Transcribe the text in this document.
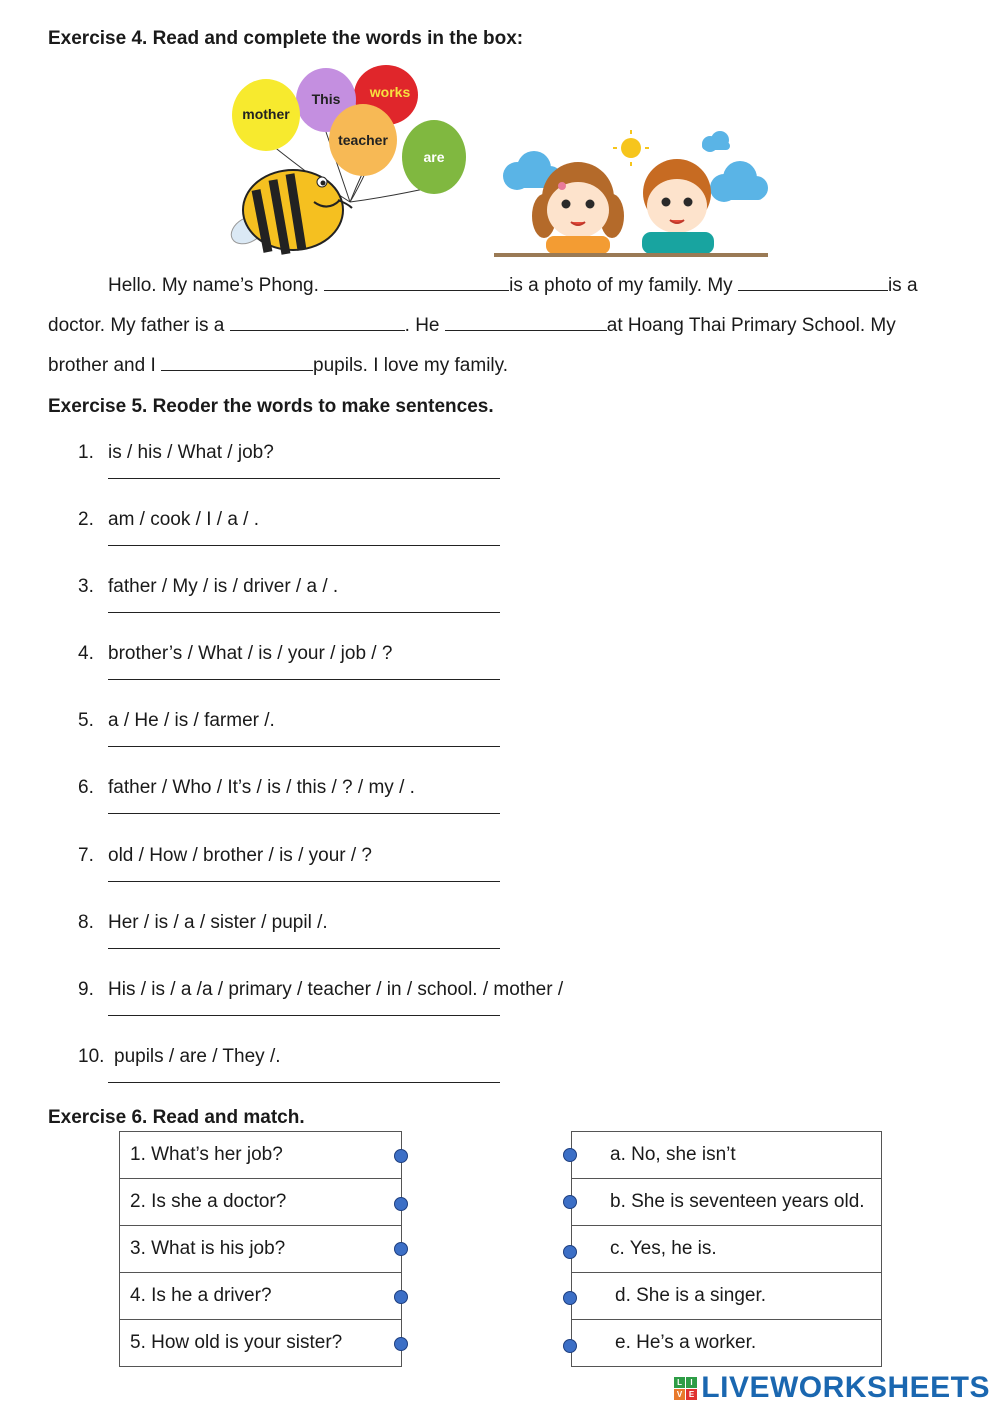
Exercise 4. Read and complete the words in the box:
works
This
mother
teacher
are
Hello. My name’s Phong.	is a photo of my family. My	is a
doctor. My father is a	. He	at Hoang Thai Primary School. My
brother and I	pupils. I love my family.
Exercise 5. Reoder the words to make sentences.
1. is / his / What / job?
2. am / cook / I / a / .
3. father / My / is / driver / a / .
4. brother’s / What / is / your / job / ?
5. a / He / is / farmer /.
6. father / Who / It’s / is / this / ? / my / .
7. old / How / brother / is / your / ?
8. Her / is / a / sister / pupil /.
9. His / is / a /a / primary / teacher / in / school. / mother /
10. pupils / are / They /.
Exercise 6. Read and match.
1. What’s her job?
2. Is she a doctor?
3. What is his job?
4. Is he a driver?
5. How old is your sister?
a. No, she isn’t
b. She is seventeen years old.
c. Yes, he is.
d. She is a singer.
e. He’s a worker.
L I
V E LIVEWORKSHEETS
